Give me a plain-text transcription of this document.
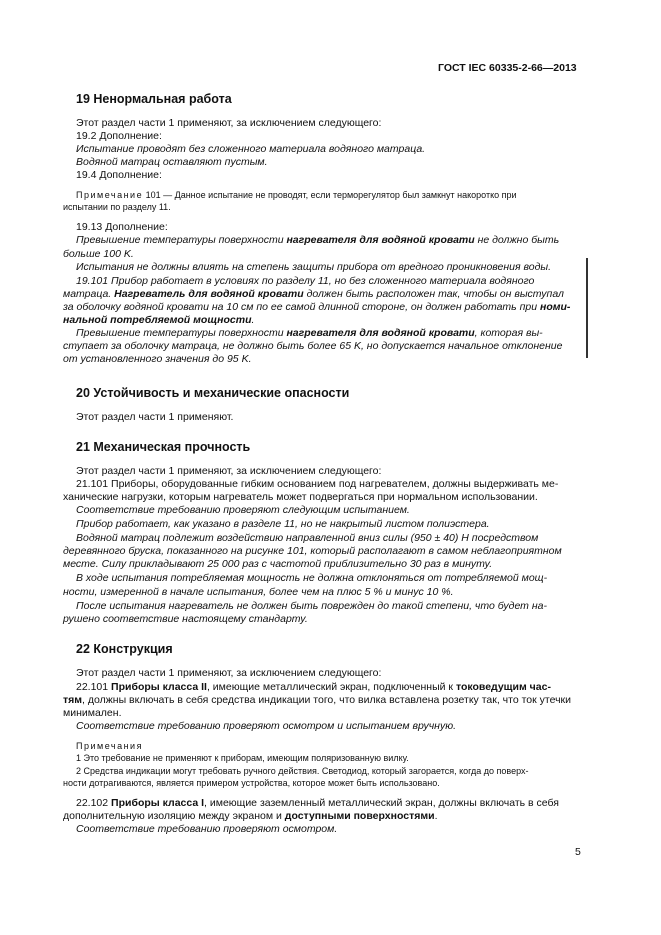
ГОСТ IEC 60335-2-66—2013
19 Ненормальная работа
Этот раздел части 1 применяют, за исключением следующего:
19.2 Дополнение:
Испытание проводят без сложенного материала водяного матраца.
Водяной матрац оставляют пустым.
19.4 Дополнение:
Примечание 101 — Данное испытание не проводят, если терморегулятор был замкнут накоротко при
испытании по разделу 11.
19.13 Дополнение:
Превышение температуры поверхности нагревателя для водяной кровати не должно быть
больше 100 K.
Испытания не должны влиять на степень защиты прибора от вредного проникновения воды.
19.101 Прибор работает в условиях по разделу 11, но без сложенного материала водяного
матраца. Нагреватель для водяной кровати должен быть расположен так, чтобы он выступал
за оболочку водяной кровати на 10 см по ее самой длинной стороне, он должен работать при номи-
нальной потребляемой мощности.
Превышение температуры поверхности нагревателя для водяной кровати, которая вы-
ступает за оболочку матраца, не должно быть более 65 K, но допускается начальное отклонение
от установленного значения до 95 K.
20 Устойчивость и механические опасности
Этот раздел части 1 применяют.
21 Механическая прочность
Этот раздел части 1 применяют, за исключением следующего:
21.101 Приборы, оборудованные гибким основанием под нагревателем, должны выдерживать ме-
ханические нагрузки, которым нагреватель может подвергаться при нормальном использовании.
Соответствие требованию проверяют следующим испытанием.
Прибор работает, как указано в разделе 11, но не накрытый листом полиэстера.
Водяной матрац подлежит воздействию направленной вниз силы (950 ± 40) Н посредством
деревянного бруска, показанного на рисунке 101, который располагают в самом неблагоприятном
месте. Силу прикладывают 25 000 раз с частотой приблизительно 30 раз в минуту.
В ходе испытания потребляемая мощность не должна отклоняться от потребляемой мощ-
ности, измеренной в начале испытания, более чем на плюс 5 % и минус 10 %.
После испытания нагреватель не должен быть поврежден до такой степени, что будет на-
рушено соответствие настоящему стандарту.
22 Конструкция
Этот раздел части 1 применяют, за исключением следующего:
22.101 Приборы класса II, имеющие металлический экран, подключенный к токоведущим час-
тям, должны включать в себя средства индикации того, что вилка вставлена розетку так, что ток утечки
минимален.
Соответствие требованию проверяют осмотром и испытанием вручную.
Примечания
1 Это требование не применяют к приборам, имеющим поляризованную вилку.
2 Средства индикации могут требовать ручного действия. Светодиод, который загорается, когда до поверх-
ности дотрагиваются, является примером устройства, которое может быть использовано.
22.102 Приборы класса I, имеющие заземленный металлический экран, должны включать в себя
дополнительную изоляцию между экраном и доступными поверхностями.
Соответствие требованию проверяют осмотром.
5
